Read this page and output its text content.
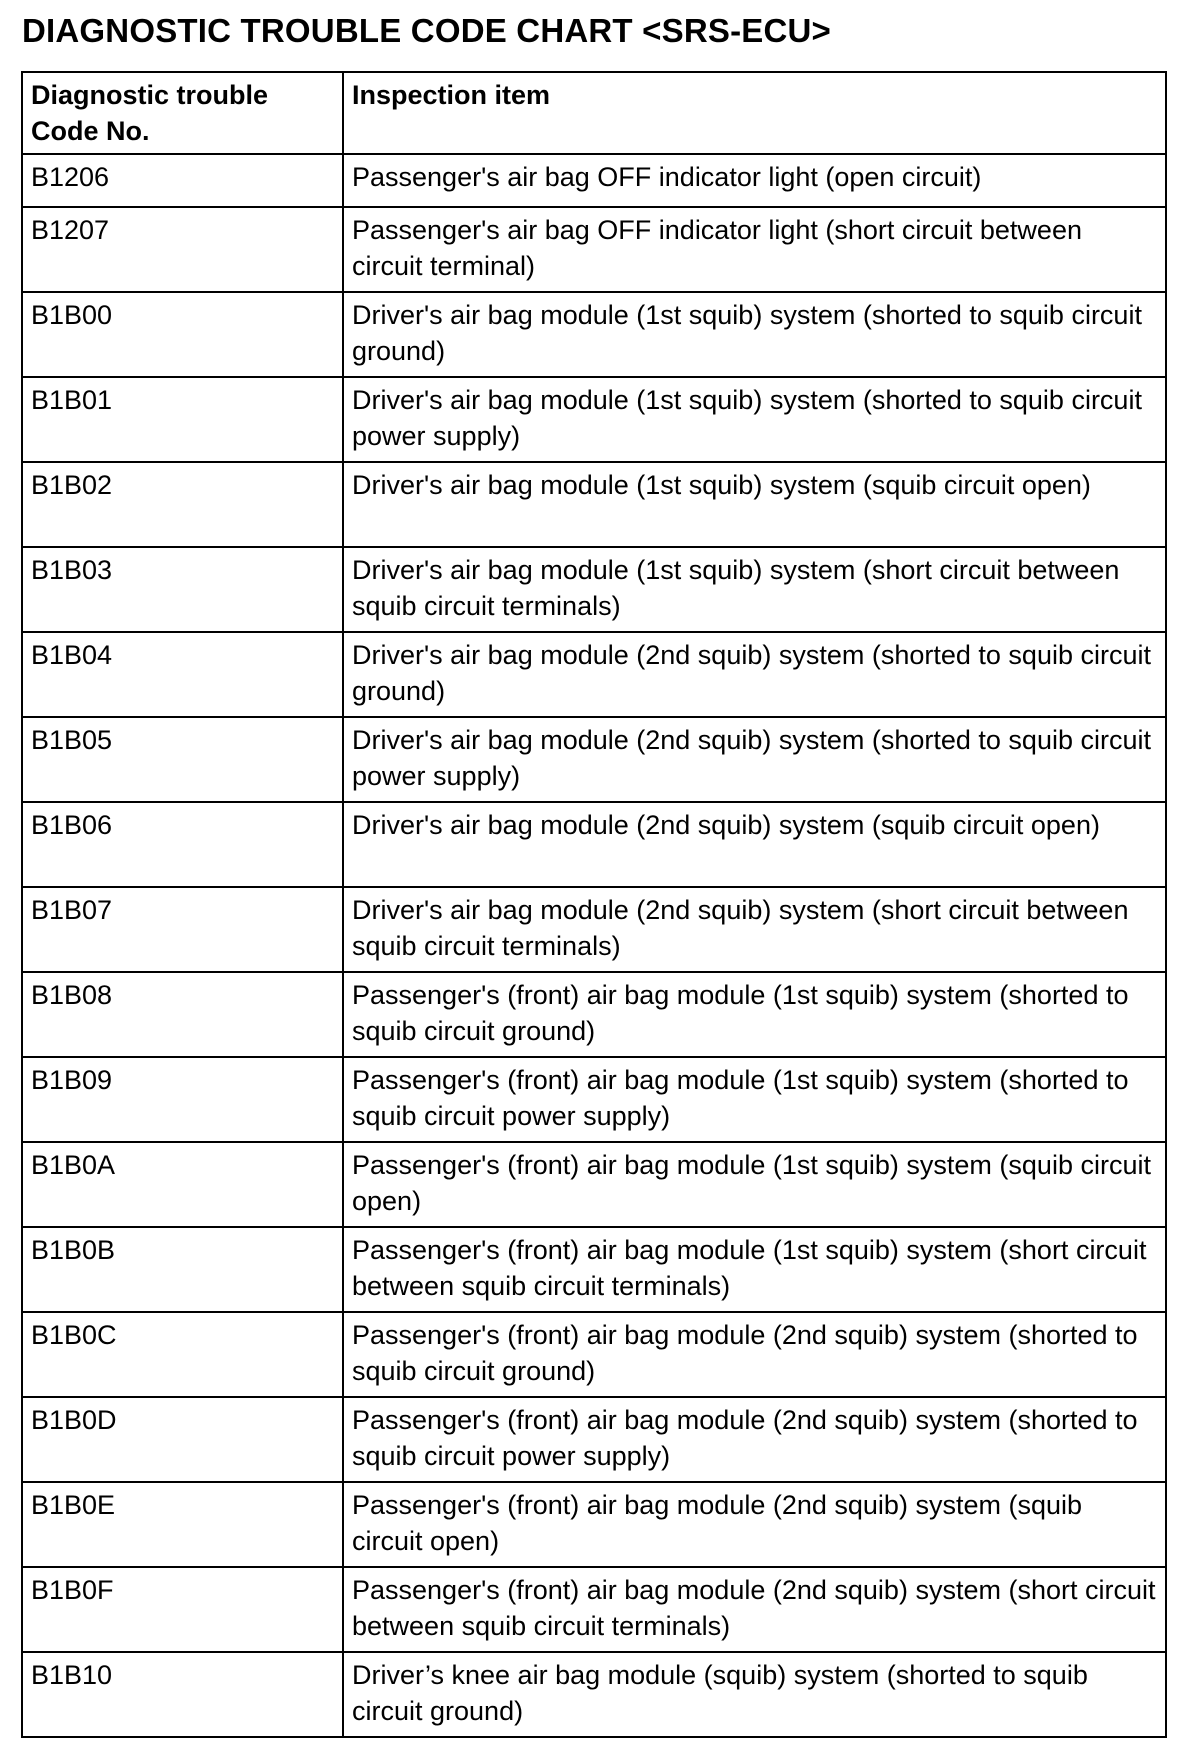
DIAGNOSTIC TROUBLE CODE CHART <SRS-ECU>
Diagnostic trouble Code No.	Inspection item
B1206	Passenger's air bag OFF indicator light (open circuit)
B1207	Passenger's air bag OFF indicator light (short circuit between circuit terminal)
B1B00	Driver's air bag module (1st squib) system (shorted to squib circuit ground)
B1B01	Driver's air bag module (1st squib) system (shorted to squib circuit power supply)
B1B02	Driver's air bag module (1st squib) system (squib circuit open)
B1B03	Driver's air bag module (1st squib) system (short circuit between squib circuit terminals)
B1B04	Driver's air bag module (2nd squib) system (shorted to squib circuit ground)
B1B05	Driver's air bag module (2nd squib) system (shorted to squib circuit power supply)
B1B06	Driver's air bag module (2nd squib) system (squib circuit open)
B1B07	Driver's air bag module (2nd squib) system (short circuit between squib circuit terminals)
B1B08	Passenger's (front) air bag module (1st squib) system (shorted to squib circuit ground)
B1B09	Passenger's (front) air bag module (1st squib) system (shorted to squib circuit power supply)
B1B0A	Passenger's (front) air bag module (1st squib) system (squib circuit open)
B1B0B	Passenger's (front) air bag module (1st squib) system (short circuit between squib circuit terminals)
B1B0C	Passenger's (front) air bag module (2nd squib) system (shorted to squib circuit ground)
B1B0D	Passenger's (front) air bag module (2nd squib) system (shorted to squib circuit power supply)
B1B0E	Passenger's (front) air bag module (2nd squib) system (squib circuit open)
B1B0F	Passenger's (front) air bag module (2nd squib) system (short circuit between squib circuit terminals)
B1B10	Driver’s knee air bag module (squib) system (shorted to squib circuit ground)
